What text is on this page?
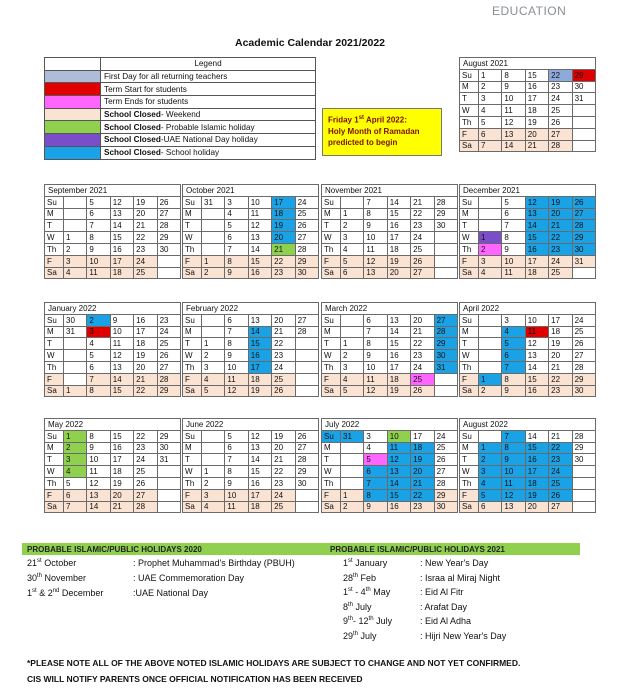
EDUCATION
Academic Calendar 2021/2022
	Legend
	First Day for all returning teachers
	Term Start for students
	Term Ends for students
	School Closed- Weekend
	School Closed- Probable Islamic holiday
	School Closed-UAE National Day holiday
	School Closed- School holiday
Friday 1st April 2022:
Holy Month of Ramadan
predicted to begin
August 2021					
Su	1	8	15	22	29
M	2	9	16	23	30
T	3	10	17	24	31
W	4	11	18	25	
Th	5	12	19	26	
F	6	13	20	27	
Sa	7	14	21	28	
September 2021					
Su		5	12	19	26
M		6	13	20	27
T		7	14	21	28
W	1	8	15	22	29
Th	2	9	16	23	30
F	3	10	17	24	
Sa	4	11	18	25	
October 2021					
Su	31	3	10	17	24
M		4	11	18	25
T		5	12	19	26
W		6	13	20	27
Th		7	14	21	28
F	1	8	15	22	29
Sa	2	9	16	23	30
November 2021					
Su		7	14	21	28
M	1	8	15	22	29
T	2	9	16	23	30
W	3	10	17	24	
Th	4	11	18	25	
F	5	12	19	26	
Sa	6	13	20	27	
December 2021					
Su		5	12	19	26
M		6	13	20	27
T		7	14	21	28
W	1	8	15	22	29
Th	2	9	16	23	30
F	3	10	17	24	31
Sa	4	11	18	25	
January 2022					
Su	30	2	9	16	23
M	31	3	10	17	24
T		4	11	18	25
W		5	12	19	26
Th		6	13	20	27
F		7	14	21	28
Sa	1	8	15	22	29
February 2022					
Su		6	13	20	27
M		7	14	21	28
T	1	8	15	22	
W	2	9	16	23	
Th	3	10	17	24	
F	4	11	18	25	
Sa	5	12	19	26	
March 2022					
Su		6	13	20	27
M		7	14	21	28
T	1	8	15	22	29
W	2	9	16	23	30
Th	3	10	17	24	31
F	4	11	18	25	
Sa	5	12	19	26	
April 2022					
Su		3	10	17	24
M		4	11	18	25
T		5	12	19	26
W		6	13	20	27
Th		7	14	21	28
F	1	8	15	22	29
Sa	2	9	16	23	30
May 2022					
Su	1	8	15	22	29
M	2	9	16	23	30
T	3	10	17	24	31
W	4	11	18	25	
Th	5	12	19	26	
F	6	13	20	27	
Sa	7	14	21	28	
June 2022					
Su		5	12	19	26
M		6	13	20	27
T		7	14	21	28
W	1	8	15	22	29
Th	2	9	16	23	30
F	3	10	17	24	
Sa	4	11	18	25	
July 2022					
Su	31	3	10	17	24
M		4	11	18	25
T		5	12	19	26
W		6	13	20	27
Th		7	14	21	28
F	1	8	15	22	29
Sa	2	9	16	23	30
August 2022					
Su		7	14	21	28
M	1	8	15	22	29
T	2	9	16	23	30
W	3	10	17	24	
Th	4	11	18	25	
F	5	12	19	26	
Sa	6	13	20	27	
PROBABLE ISLAMIC/PUBLIC HOLIDAYS 2020	PROBABLE ISLAMIC/PUBLIC HOLIDAYS 2021
21st October	: Prophet Muhammad's Birthday (PBUH)
30th November	: UAE Commemoration Day
1st & 2nd December	:UAE National Day
1st January	: New Year's Day
28th Feb	: Israa al Miraj Night
1st - 4th May	: Eid Al Fitr
8th July	: Arafat Day
9th- 12th July	: Eid Al Adha
29th July	: Hijri New Year's Day
*PLEASE NOTE ALL OF THE ABOVE NOTED ISLAMIC HOLIDAYS ARE SUBJECT TO CHANGE AND NOT YET CONFIRMED.
CIS WILL NOTIFY PARENTS ONCE OFFICIAL NOTIFICATION HAS BEEN RECEIVED
